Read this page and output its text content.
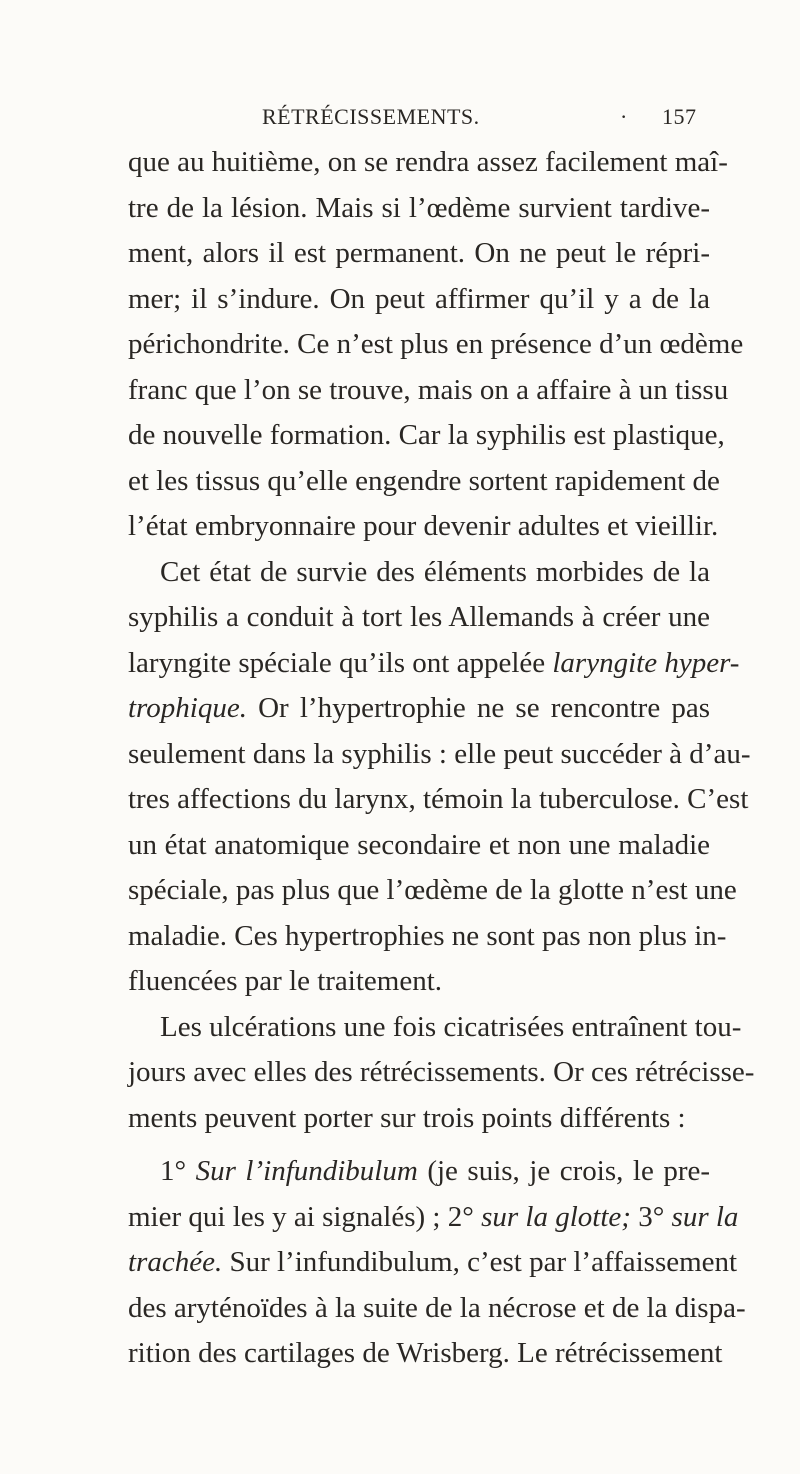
RÉTRÉCISSEMENTS.	· 157
que au huitième, on se rendra assez facilement maî-
tre de la lésion. Mais si l’œdème survient tardive-
ment, alors il est permanent. On ne peut le répri-
mer; il s’indure. On peut affirmer qu’il y a de la
périchondrite. Ce n’est plus en présence d’un œdème
franc que l’on se trouve, mais on a affaire à un tissu
de nouvelle formation. Car la syphilis est plastique,
et les tissus qu’elle engendre sortent rapidement de
l’état embryonnaire pour devenir adultes et vieillir.
Cet état de survie des éléments morbides de la
syphilis a conduit à tort les Allemands à créer une
laryngite spéciale qu’ils ont appelée laryngite hyper-
trophique. Or l’hypertrophie ne se rencontre pas
seulement dans la syphilis : elle peut succéder à d’au-
tres affections du larynx, témoin la tuberculose. C’est
un état anatomique secondaire et non une maladie
spéciale, pas plus que l’œdème de la glotte n’est une
maladie. Ces hypertrophies ne sont pas non plus in-
fluencées par le traitement.
Les ulcérations une fois cicatrisées entraînent tou-
jours avec elles des rétrécissements. Or ces rétrécisse-
ments peuvent porter sur trois points différents :
1° Sur l’infundibulum (je suis, je crois, le pre-
mier qui les y ai signalés) ; 2° sur la glotte; 3° sur la
trachée. Sur l’infundibulum, c’est par l’affaissement
des aryténoïdes à la suite de la nécrose et de la dispa-
rition des cartilages de Wrisberg. Le rétrécissement
